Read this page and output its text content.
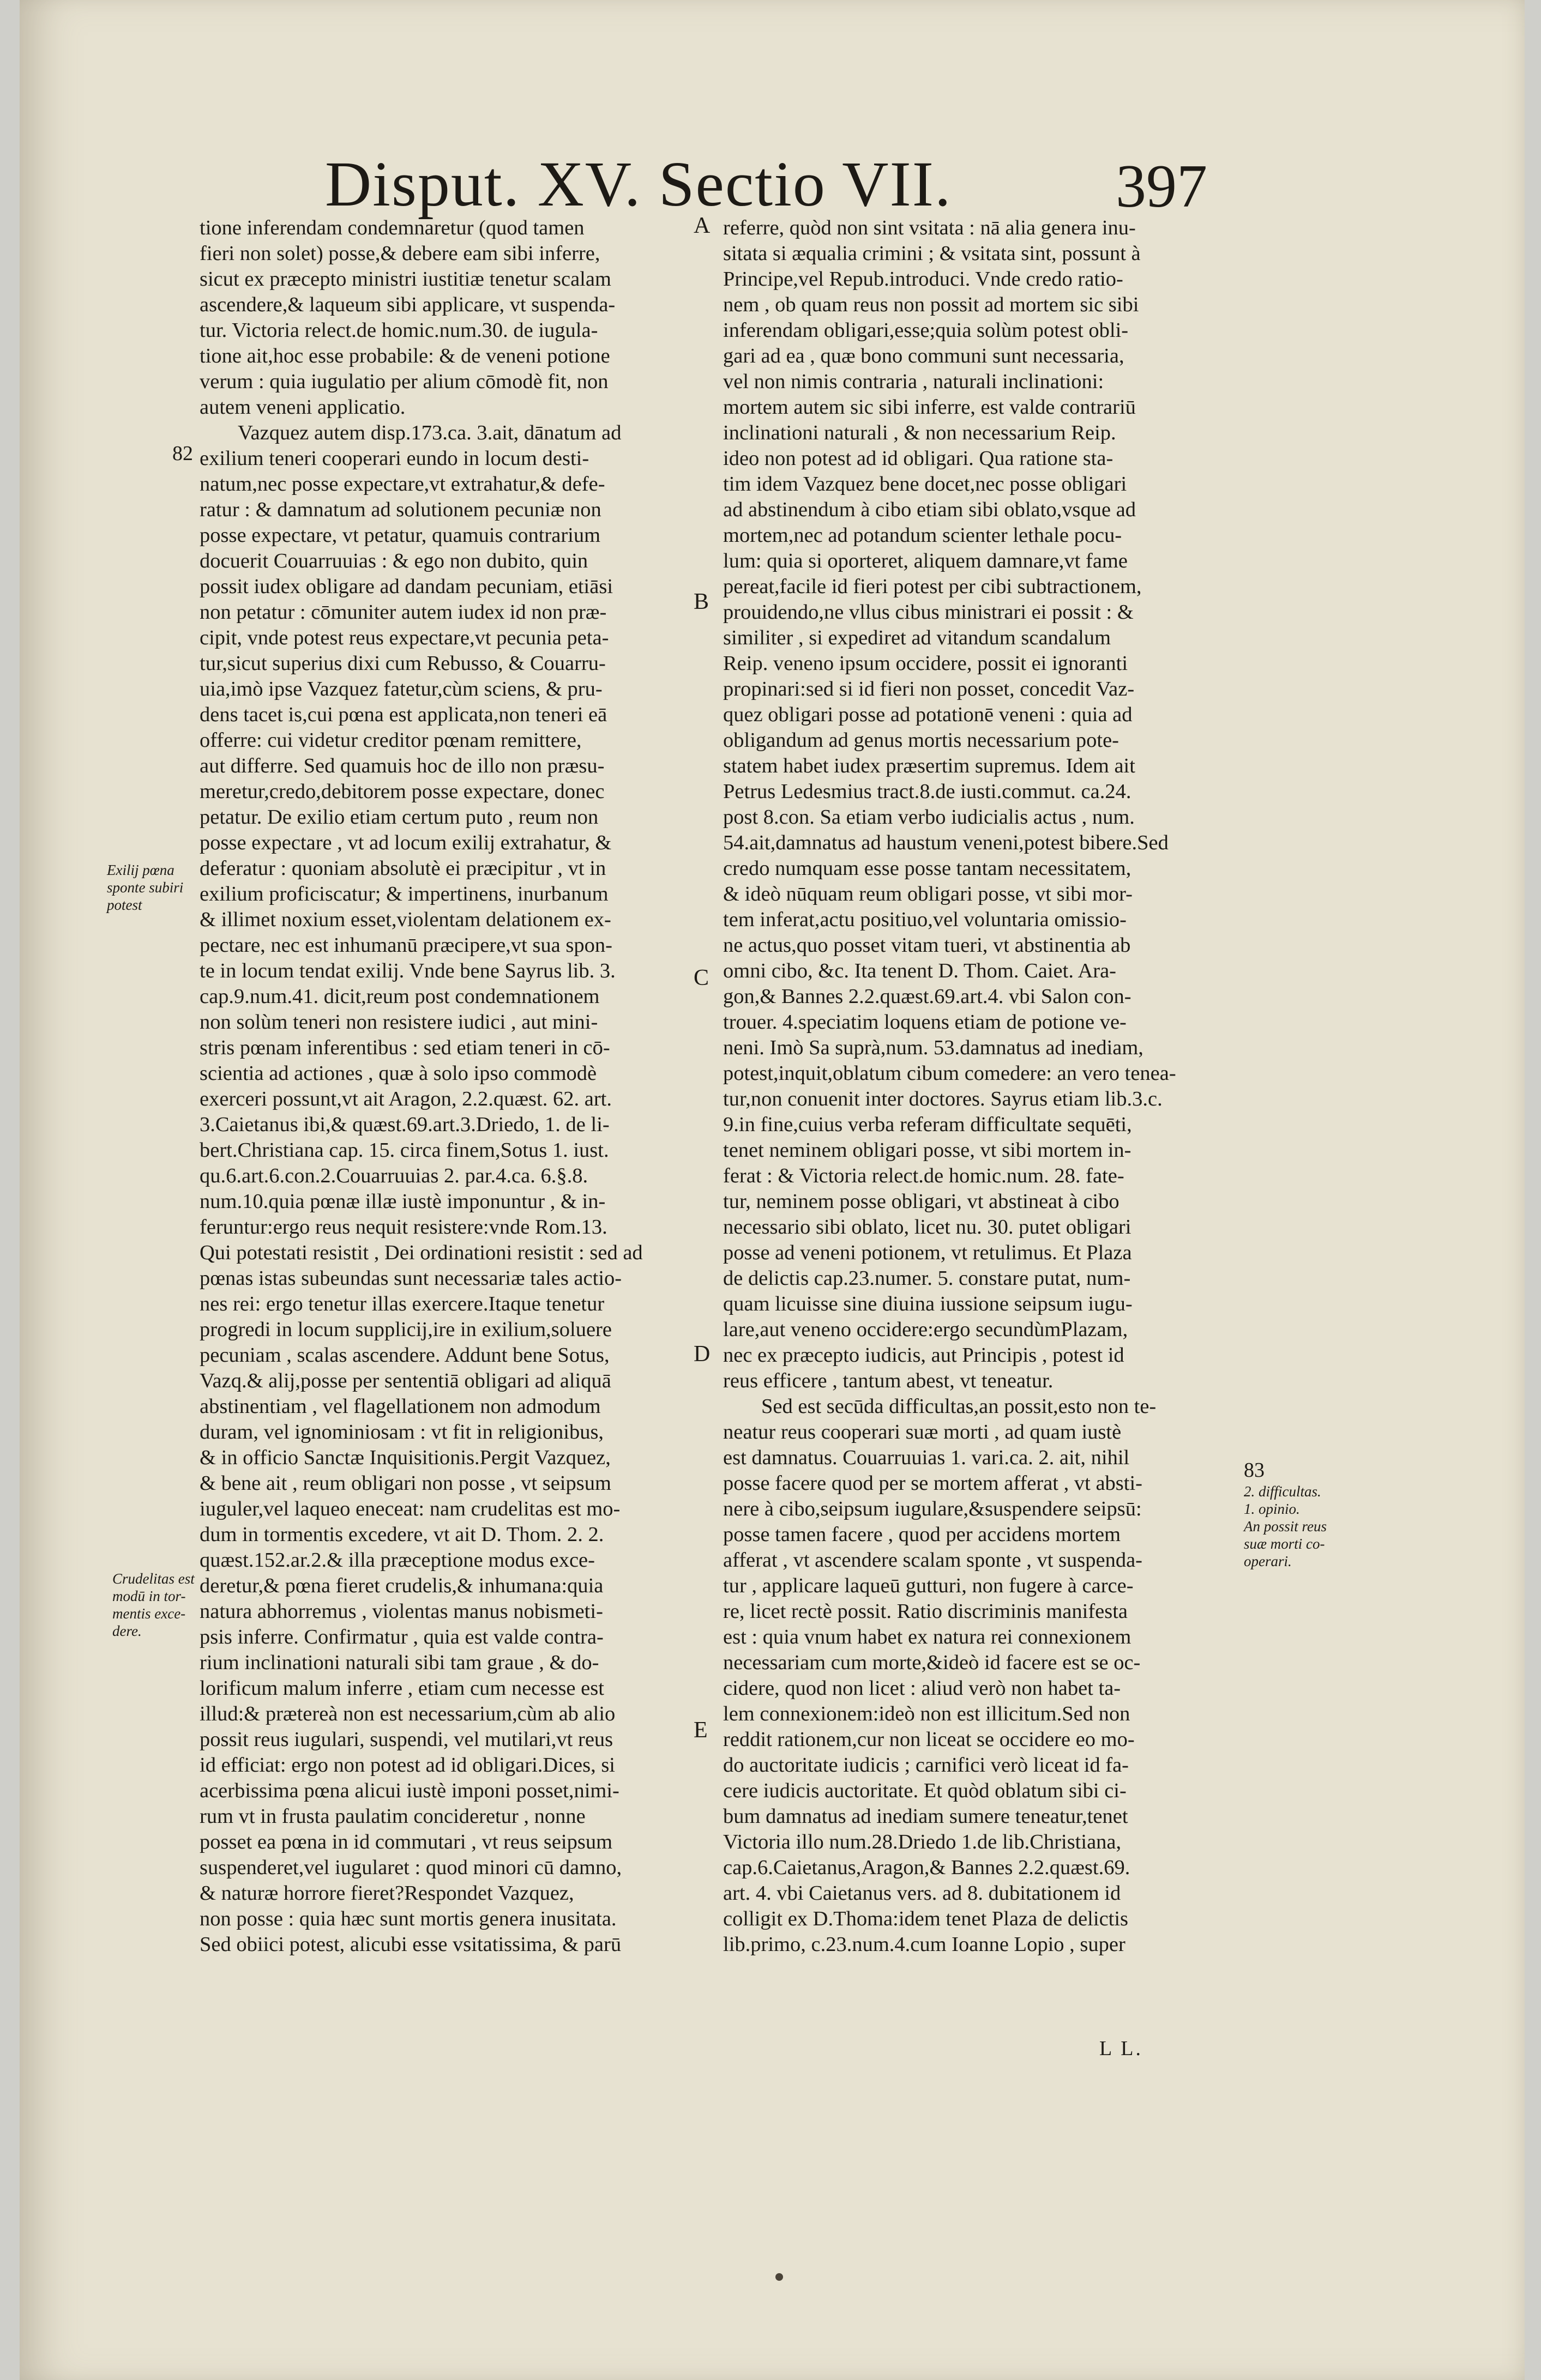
Disput. XV. Sectio VII.	397

tione inferendam condemnaretur (quod tamen

fieri non solet) posse,& debere eam sibi inferre,

sicut ex præcepto ministri iustitiæ tenetur scalam

ascendere,& laqueum sibi applicare, vt suspenda-

tur. Victoria relect.de homic.num.30. de iugula-

tione ait,hoc esse probabile: & de veneni potione

verum : quia iugulatio per alium cōmodè fit, non

autem veneni applicatio.

Vazquez autem disp.173.ca. 3.ait, dānatum ad

exilium teneri cooperari eundo in locum desti-

natum,nec posse expectare,vt extrahatur,& defe-

ratur : & damnatum ad solutionem pecuniæ non

posse expectare, vt petatur, quamuis contrarium

docuerit Couarruuias : & ego non dubito, quin

possit iudex obligare ad dandam pecuniam, etiāsi

non petatur : cōmuniter autem iudex id non præ-

cipit, vnde potest reus expectare,vt pecunia peta-

tur,sicut superius dixi cum Rebusso, & Couarru-

uia,imò ipse Vazquez fatetur,cùm sciens, & pru-

dens tacet is,cui pœna est applicata,non teneri eā

offerre: cui videtur creditor pœnam remittere,

aut differre. Sed quamuis hoc de illo non præsu-

meretur,credo,debitorem posse expectare, donec

petatur. De exilio etiam certum puto , reum non

posse expectare , vt ad locum exilij extrahatur, &

deferatur : quoniam absolutè ei præcipitur , vt in

exilium proficiscatur; & impertinens, inurbanum

& illimet noxium esset,violentam delationem ex-

pectare, nec est inhumanū præcipere,vt sua spon-

te in locum tendat exilij. Vnde bene Sayrus lib. 3.

cap.9.num.41. dicit,reum post condemnationem

non solùm teneri non resistere iudici , aut mini-

stris pœnam inferentibus : sed etiam teneri in cō-

scientia ad actiones , quæ à solo ipso commodè

exerceri possunt,vt ait Aragon, 2.2.quæst. 62. art.

3.Caietanus ibi,& quæst.69.art.3.Driedo, 1. de li-

bert.Christiana cap. 15. circa finem,Sotus 1. iust.

qu.6.art.6.con.2.Couarruuias 2. par.4.ca. 6.§.8.

num.10.quia pœnæ illæ iustè imponuntur , & in-

feruntur:ergo reus nequit resistere:vnde Rom.13.

Qui potestati resistit , Dei ordinationi resistit : sed ad

pœnas istas subeundas sunt necessariæ tales actio-

nes rei: ergo tenetur illas exercere.Itaque tenetur

progredi in locum supplicij,ire in exilium,soluere

pecuniam , scalas ascendere. Addunt bene Sotus,

Vazq.& alij,posse per sententiā obligari ad aliquā

abstinentiam , vel flagellationem non admodum

duram, vel ignominiosam : vt fit in religionibus,

& in officio Sanctæ Inquisitionis.Pergit Vazquez,

& bene ait , reum obligari non posse , vt seipsum

iuguler,vel laqueo eneceat: nam crudelitas est mo-

dum in tormentis excedere, vt ait D. Thom. 2. 2.

quæst.152.ar.2.& illa præceptione modus exce-

deretur,& pœna fieret crudelis,& inhumana:quia

natura abhorremus , violentas manus nobismeti-

psis inferre. Confirmatur , quia est valde contra-

rium inclinationi naturali sibi tam graue , & do-

lorificum malum inferre , etiam cum necesse est

illud:& prætereà non est necessarium,cùm ab alio

possit reus iugulari, suspendi, vel mutilari,vt reus

id efficiat: ergo non potest ad id obligari.Dices, si

acerbissima pœna alicui iustè imponi posset,nimi-

rum vt in frusta paulatim concideretur , nonne

posset ea pœna in id commutari , vt reus seipsum

suspenderet,vel iugularet : quod minori cū damno,

& naturæ horrore fieret?Respondet Vazquez,

non posse : quia hæc sunt mortis genera inusitata.

Sed obiici potest, alicubi esse vsitatissima, & parū

referre, quòd non sint vsitata : nā alia genera inu-

sitata si æqualia crimini ; & vsitata sint, possunt à

Principe,vel Repub.introduci. Vnde credo ratio-

nem , ob quam reus non possit ad mortem sic sibi

inferendam obligari,esse;quia solùm potest obli-

gari ad ea , quæ bono communi sunt necessaria,

vel non nimis contraria , naturali inclinationi:

mortem autem sic sibi inferre, est valde contrariū

inclinationi naturali , & non necessarium Reip.

ideo non potest ad id obligari. Qua ratione sta-

tim idem Vazquez bene docet,nec posse obligari

ad abstinendum à cibo etiam sibi oblato,vsque ad

mortem,nec ad potandum scienter lethale pocu-

lum: quia si oporteret, aliquem damnare,vt fame

pereat,facile id fieri potest per cibi subtractionem,

prouidendo,ne vllus cibus ministrari ei possit : &

similiter , si expediret ad vitandum scandalum

Reip. veneno ipsum occidere, possit ei ignoranti

propinari:sed si id fieri non posset, concedit Vaz-

quez obligari posse ad potationē veneni : quia ad

obligandum ad genus mortis necessarium pote-

statem habet iudex præsertim supremus. Idem ait

Petrus Ledesmius tract.8.de iusti.commut. ca.24.

post 8.con. Sa etiam verbo iudicialis actus , num.

54.ait,damnatus ad haustum veneni,potest bibere.Sed

credo numquam esse posse tantam necessitatem,

& ideò nūquam reum obligari posse, vt sibi mor-

tem inferat,actu positiuo,vel voluntaria omissio-

ne actus,quo posset vitam tueri, vt abstinentia ab

omni cibo, &c. Ita tenent D. Thom. Caiet. Ara-

gon,& Bannes 2.2.quæst.69.art.4. vbi Salon con-

trouer. 4.speciatim loquens etiam de potione ve-

neni. Imò Sa suprà,num. 53.damnatus ad inediam,

potest,inquit,oblatum cibum comedere: an vero tenea-

tur,non conuenit inter doctores. Sayrus etiam lib.3.c.

9.in fine,cuius verba referam difficultate sequēti,

tenet neminem obligari posse, vt sibi mortem in-

ferat : & Victoria relect.de homic.num. 28. fate-

tur, neminem posse obligari, vt abstineat à cibo

necessario sibi oblato, licet nu. 30. putet obligari

posse ad veneni potionem, vt retulimus. Et Plaza

de delictis cap.23.numer. 5. constare putat, num-

quam licuisse sine diuina iussione seipsum iugu-

lare,aut veneno occidere:ergo secundùmPlazam,

nec ex præcepto iudicis, aut Principis , potest id

reus efficere , tantum abest, vt teneatur.

Sed est secūda difficultas,an possit,esto non te-

neatur reus cooperari suæ morti , ad quam iustè

est damnatus. Couarruuias 1. vari.ca. 2. ait, nihil

posse facere quod per se mortem afferat , vt absti-

nere à cibo,seipsum iugulare,&suspendere seipsū:

posse tamen facere , quod per accidens mortem

afferat , vt ascendere scalam sponte , vt suspenda-

tur , applicare laqueū gutturi, non fugere à carce-

re, licet rectè possit. Ratio discriminis manifesta

est : quia vnum habet ex natura rei connexionem

necessariam cum morte,&ideò id facere est se oc-

cidere, quod non licet : aliud verò non habet ta-

lem connexionem:ideò non est illicitum.Sed non

reddit rationem,cur non liceat se occidere eo mo-

do auctoritate iudicis ; carnifici verò liceat id fa-

cere iudicis auctoritate. Et quòd oblatum sibi ci-

bum damnatus ad inediam sumere teneatur,tenet

Victoria illo num.28.Driedo 1.de lib.Christiana,

cap.6.Caietanus,Aragon,& Bannes 2.2.quæst.69.

art. 4. vbi Caietanus vers. ad 8. dubitationem id

colligit ex D.Thoma:idem tenet Plaza de delictis

lib.primo, c.23.num.4.cum Ioanne Lopio , super

A
B
C
D
E
82
83
Exilij pœna
sponte subiri
potest
Crudelitas est
modū in tor-
mentis exce-
dere.
2. difficultas.
1. opinio.
An possit reus
suæ morti co-
operari.
L L.
